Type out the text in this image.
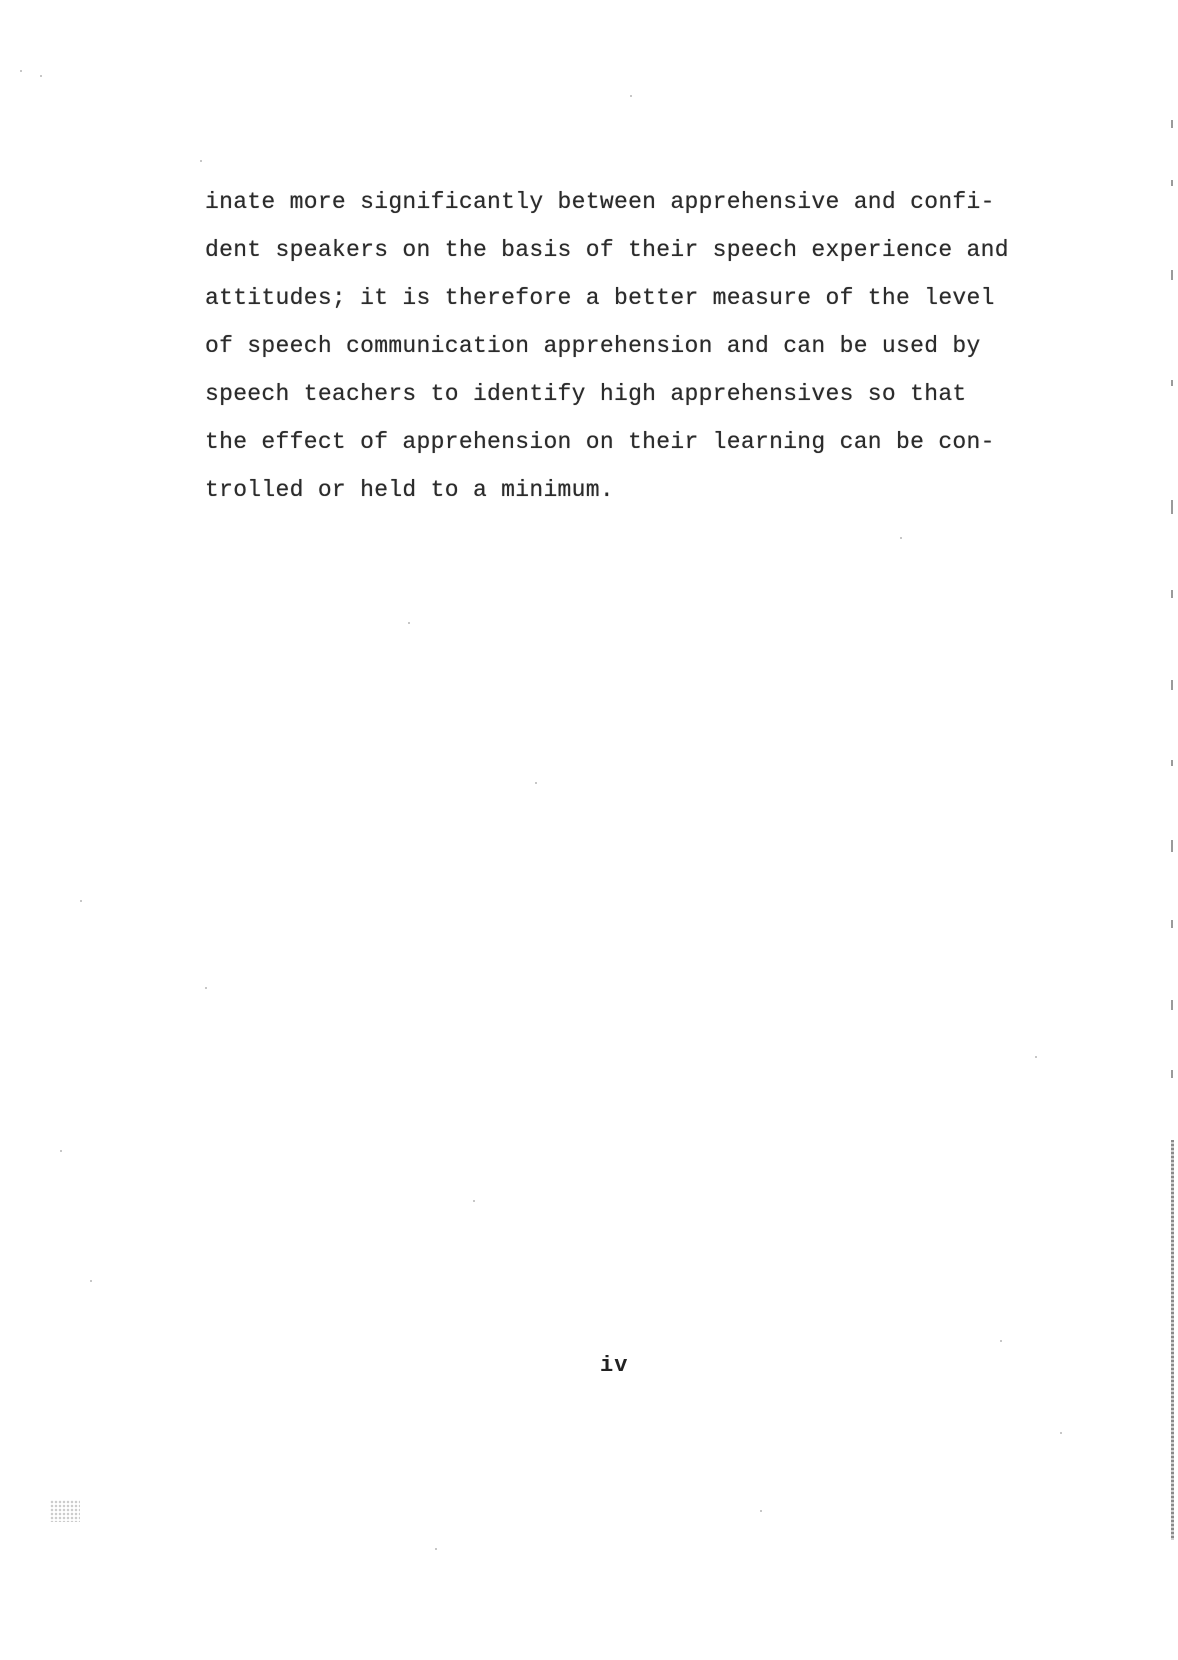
inate more significantly between apprehensive and confi-
dent speakers on the basis of their speech experience and
attitudes; it is therefore a better measure of the level
of speech communication apprehension and can be used by
speech teachers to identify high apprehensives so that
the effect of apprehension on their learning can be con-
trolled or held to a minimum.
iv
